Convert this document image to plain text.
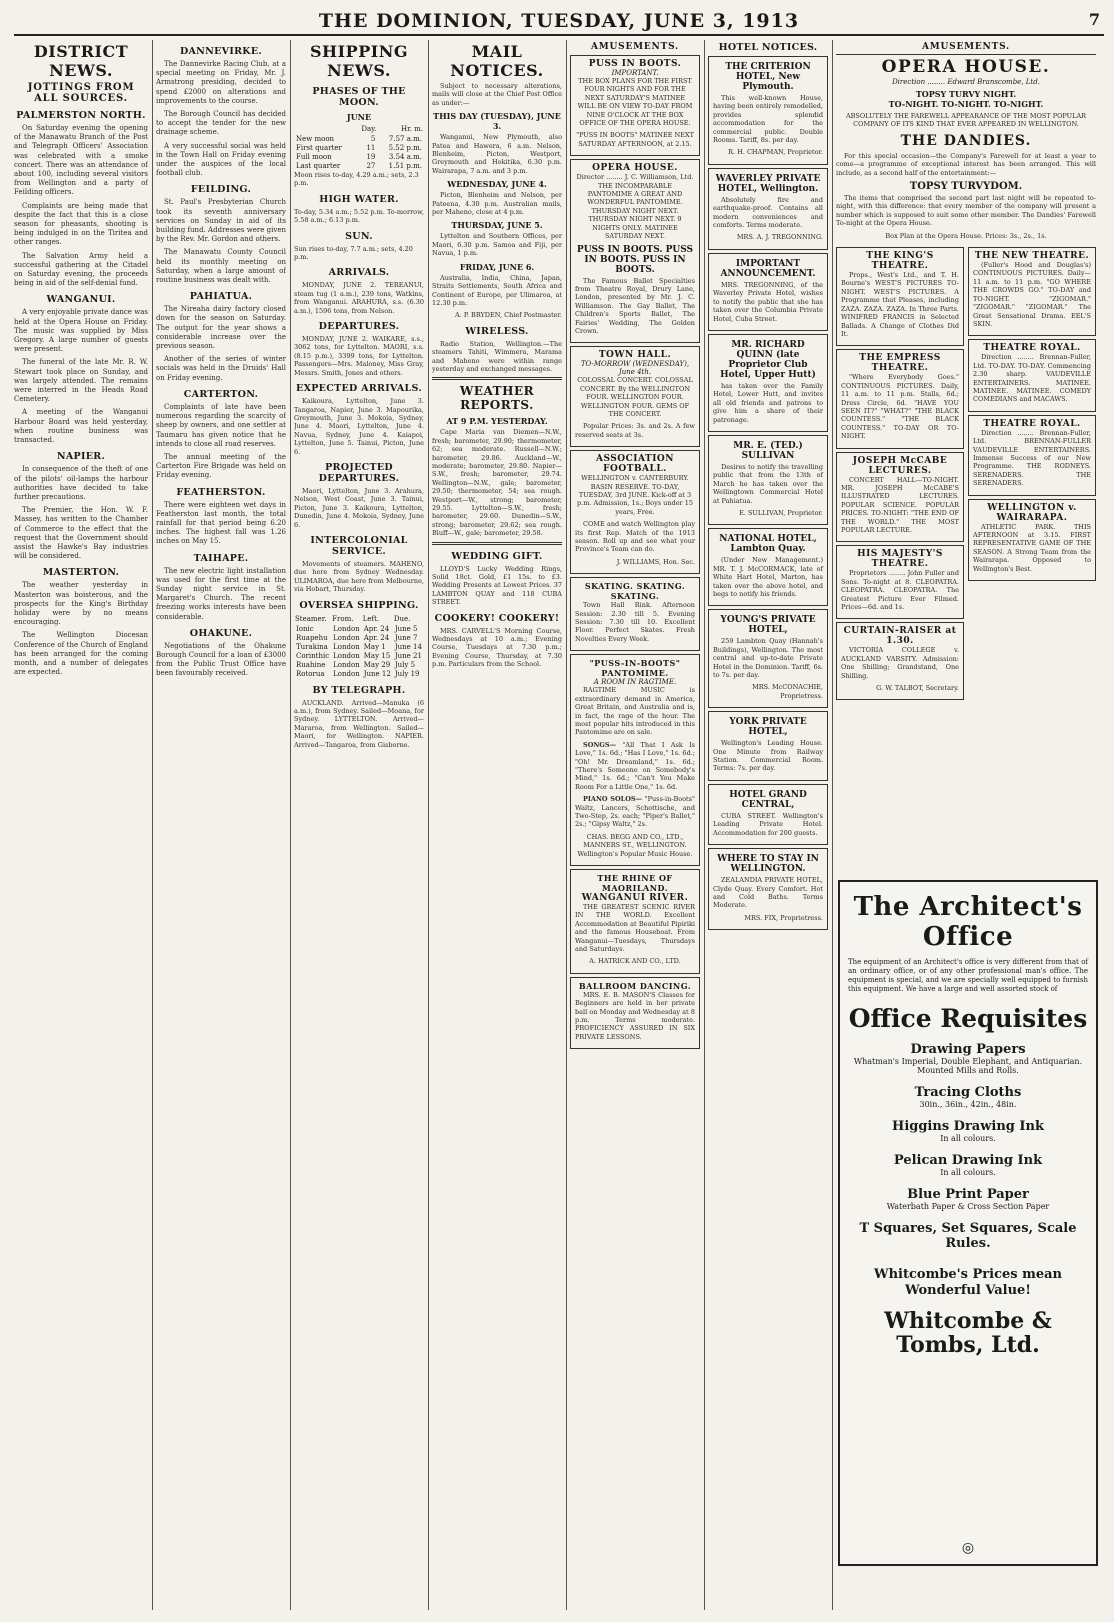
THE DOMINION, TUESDAY, JUNE 3, 1913	7
DISTRICT NEWS.
JOTTINGS FROM ALL SOURCES.
PALMERSTON NORTH.

On Saturday evening the opening of the Manawatu Branch of the Post and Telegraph Officers' Association was celebrated with a smoke concert. There was an attendance of about 100, including several visitors from Wellington and a party of Feilding officers.

Complaints are being made that despite the fact that this is a close season for pheasants, shooting is being indulged in on the Tiritea and other ranges.

The Salvation Army held a successful gathering at the Citadel on Saturday evening, the proceeds being in aid of the self-denial fund.

WANGANUI.

A very enjoyable private dance was held at the Opera House on Friday. The music was supplied by Miss Gregory. A large number of guests were present.

The funeral of the late Mr. R. W. Stewart took place on Sunday, and was largely attended. The remains were interred in the Heads Road Cemetery.

A meeting of the Wanganui Harbour Board was held yesterday, when routine business was transacted.

NAPIER.

In consequence of the theft of one of the pilots' oil-lamps the harbour authorities have decided to take further precautions.

The Premier, the Hon. W. F. Massey, has written to the Chamber of Commerce to the effect that the request that the Government should assist the Hawke's Bay industries will be considered.

MASTERTON.

The weather yesterday in Masterton was boisterous, and the prospects for the King's Birthday holiday were by no means encouraging.

The Wellington Diocesan Conference of the Church of England has been arranged for the coming month, and a number of delegates are expected.

DANNEVIRKE.

The Dannevirke Racing Club, at a special meeting on Friday, Mr. J. Armstrong presiding, decided to spend £2000 on alterations and improvements to the course.

The Borough Council has decided to accept the tender for the new drainage scheme.

A very successful social was held in the Town Hall on Friday evening under the auspices of the local football club.

FEILDING.

St. Paul's Presbyterian Church took its seventh anniversary services on Sunday in aid of its building fund. Addresses were given by the Rev. Mr. Gordon and others.

The Manawatu County Council held its monthly meeting on Saturday, when a large amount of routine business was dealt with.

PAHIATUA.

The Nireaha dairy factory closed down for the season on Saturday. The output for the year shows a considerable increase over the previous season.

Another of the series of winter socials was held in the Druids' Hall on Friday evening.

CARTERTON.

Complaints of late have been numerous regarding the scarcity of sheep by owners, and one settler at Taumaru has given notice that he intends to close all road reserves.

The annual meeting of the Carterton Fire Brigade was held on Friday evening.

FEATHERSTON.

There were eighteen wet days in Featherston last month, the total rainfall for that period being 6.20 inches. The highest fall was 1.26 inches on May 15.

TAIHAPE.

The new electric light installation was used for the first time at the Sunday night service in St. Margaret's Church. The recent freezing works interests have been considerable.

OHAKUNE.

Negotiations of the Ohakune Borough Council for a loan of £3000 from the Public Trust Office have been favourably received.

SHIPPING NEWS.
PHASES OF THE MOON.
JUNE
	Day.	Hr. m.
New moon	5	7.57 a.m.
First quarter	11	5.52 p.m.
Full moon	19	3.54 a.m.
Last quarter	27	1.51 p.m.

Moon rises to-day, 4.29 a.m.; sets, 2.3 p.m.

HIGH WATER.

To-day, 5.34 a.m.; 5.52 p.m. To-morrow, 5.58 a.m.; 6.13 p.m.

SUN.

Sun rises to-day, 7.7 a.m.; sets, 4.20 p.m.

ARRIVALS.

MONDAY, JUNE 2. TEREANUI, steam tug (1 a.m.), 239 tons, Watkins, from Wanganui. ARAHURA, s.s. (6.30 a.m.), 1596 tons, from Nelson.

DEPARTURES.

MONDAY, JUNE 2. WAIKARE, s.s., 3062 tons, for Lyttelton. MAORI, s.s. (8.15 p.m.), 3399 tons, for Lyttelton. Passengers—Mrs. Maloney, Miss Gray, Messrs. Smith, Jones and others.

EXPECTED ARRIVALS.

Kaikoura, Lyttelton, June 3. Tangaroa, Napier, June 3. Mapourika, Greymouth, June 3. Mokoia, Sydney, June 4. Maori, Lyttelton, June 4. Navua, Sydney, June 4. Kaiapoi, Lyttelton, June 5. Tainui, Picton, June 6.

PROJECTED DEPARTURES.

Maori, Lyttelton, June 3. Arahura, Nelson, West Coast, June 3. Tainui, Picton, June 3. Kaikoura, Lyttelton, Dunedin, June 4. Mokoia, Sydney, June 6.

INTERCOLONIAL SERVICE.

Movements of steamers. MAHENO, due here from Sydney Wednesday. ULIMAROA, due here from Melbourne, via Hobart, Thursday.

OVERSEA SHIPPING.
Steamer.	From.	Left.	Due.
Ionic	London	Apr. 24	June 5
Ruapehu	London	Apr. 24	June 7
Turakina	London	May 1	June 14
Corinthic	London	May 15	June 21
Ruahine	London	May 29	July 5
Rotorua	London	June 12	July 19
BY TELEGRAPH.

AUCKLAND. Arrived—Manuka (6 a.m.), from Sydney. Sailed—Moana, for Sydney. LYTTELTON. Arrived—Mararoa, from Wellington. Sailed—Maori, for Wellington. NAPIER. Arrived—Tangaroa, from Gisborne.

MAIL NOTICES.

Subject to necessary alterations, mails will close at the Chief Post Office as under:—

THIS DAY (TUESDAY), JUNE 3.

Wanganui, New Plymouth, also Patea and Hawera, 6 a.m. Nelson, Blenheim, Picton, Westport, Greymouth and Hokitika, 6.30 p.m. Wairarapa, 7 a.m. and 3 p.m.

WEDNESDAY, JUNE 4.

Picton, Blenheim and Nelson, per Pateena, 4.30 p.m. Australian mails, per Maheno, close at 4 p.m.

THURSDAY, JUNE 5.

Lyttelton and Southern Offices, per Maori, 6.30 p.m. Samoa and Fiji, per Navua, 1 p.m.

FRIDAY, JUNE 6.

Australia, India, China, Japan, Straits Settlements, South Africa and Continent of Europe, per Ulimaroa, at 12.30 p.m.

A. P. BRYDEN, Chief Postmaster.

WIRELESS.

Radio Station, Wellington.—The steamers Tahiti, Wimmera, Marama and Maheno were within range yesterday and exchanged messages.

WEATHER REPORTS.
AT 9 P.M. YESTERDAY.

Cape Maria van Diemen—N.W., fresh; barometer, 29.90; thermometer, 62; sea moderate. Russell—N.W.; barometer, 29.86. Auckland—W., moderate; barometer, 29.80. Napier—S.W., fresh; barometer, 29.74. Wellington—N.W., gale; barometer, 29.50; thermometer, 54; sea rough. Westport—W., strong; barometer, 29.55. Lyttelton—S.W., fresh; barometer, 29.60. Dunedin—S.W., strong; barometer, 29.62; sea rough. Bluff—W., gale; barometer, 29.58.

WEDDING GIFT.

LLOYD'S Lucky Wedding Rings, Solid 18ct. Gold, £1 15s. to £3. Wedding Presents at Lowest Prices. 37 LAMBTON QUAY and 118 CUBA STREET.

COOKERY! COOKERY!

MRS. CARVELL'S Morning Course, Wednesdays at 10 a.m.; Evening Course, Tuesdays at 7.30 p.m.; Evening Course, Thursday, at 7.30 p.m. Particulars from the School.

AMUSEMENTS.
PUSS IN BOOTS.
IMPORTANT.

THE BOX PLANS FOR THE FIRST FOUR NIGHTS AND FOR THE NEXT SATURDAY'S MATINEE WILL BE ON VIEW TO-DAY FROM NINE O'CLOCK AT THE BOX OFFICE OF THE OPERA HOUSE.

"PUSS IN BOOTS" MATINEE NEXT SATURDAY AFTERNOON, at 2.15.

OPERA HOUSE.

Director ........ J. C. Williamson, Ltd. THE INCOMPARABLE PANTOMIME A GREAT AND WONDERFUL PANTOMIME. THURSDAY NIGHT NEXT. THURSDAY NIGHT NEXT. 9 NIGHTS ONLY. MATINEE SATURDAY NEXT.

PUSS IN BOOTS. PUSS IN BOOTS. PUSS IN BOOTS.

The Famous Ballet Specialties from Theatre Royal, Drury Lane, London, presented by Mr. J. C. Williamson. The Gay Ballet, The Children's Sports Ballet, The Fairies' Wedding, The Golden Crown.

TOWN HALL.
TO-MORROW (WEDNESDAY), June 4th.

COLOSSAL CONCERT. COLOSSAL CONCERT. By the WELLINGTON FOUR. WELLINGTON FOUR. WELLINGTON FOUR. GEMS OF THE CONCERT.

Popular Prices: 3s. and 2s. A few reserved seats at 3s.

ASSOCIATION FOOTBALL.

WELLINGTON v. CANTERBURY. BASIN RESERVE. TO-DAY, TUESDAY, 3rd JUNE. Kick-off at 3 p.m. Admission, 1s.; Boys under 15 years, Free.

COME and watch Wellington play its first Rep. Match of the 1913 season. Roll up and see what your Province's Team can do.

J. WILLIAMS, Hon. Sec.

SKATING. SKATING. SKATING.

Town Hall Rink. Afternoon Session: 2.30 till 5. Evening Session: 7.30 till 10. Excellent Floor. Perfect Skates. Fresh Novelties Every Week.

"PUSS-IN-BOOTS" PANTOMIME.
A ROOM IN RAGTIME.

RAGTIME MUSIC is extraordinary demand in America, Great Britain, and Australia and is, in fact, the rage of the hour. The most popular hits introduced in this Pantomime are on sale.

SONGS— "All That I Ask Is Love," 1s. 6d.; "Has I Love," 1s. 6d.; "Oh! Mr. Dreamland," 1s. 6d.; "There's Someone on Somebody's Mind," 1s. 6d.; "Can't You Make Room For a Little One," 1s. 6d.

PIANO SOLOS— "Puss-in-Boots" Waltz, Lancers, Schottische, and Two-Step, 2s. each; "Piper's Ballet," 2s.; "Gipsy Waltz," 2s.

CHAS. BEGG AND CO., LTD., MANNERS ST., WELLINGTON. Wellington's Popular Music House.

THE RHINE OF MAORILAND.
WANGANUI RIVER.

THE GREATEST SCENIC RIVER IN THE WORLD. Excellent Accommodation at Beautiful Pipiriki and the famous Houseboat. From Wanganui—Tuesdays, Thursdays and Saturdays.

A. HATRICK AND CO., LTD.

BALLROOM DANCING.

MRS. E. B. MASON'S Classes for Beginners are held in her private ball on Monday and Wednesday at 8 p.m. Terms moderate. PROFICIENCY ASSURED IN SIX PRIVATE LESSONS.

HOTEL NOTICES.
THE CRITERION HOTEL, New Plymouth.

This well-known House, having been entirely remodelled, provides splendid accommodation for the commercial public. Double Rooms. Tariff, 8s. per day.

R. H. CHAPMAN, Proprietor.

WAVERLEY PRIVATE HOTEL, Wellington.

Absolutely fire and earthquake-proof. Contains all modern conveniences and comforts. Terms moderate.

MRS. A. J. TREGONNING.

IMPORTANT ANNOUNCEMENT.

MRS. TREGONNING, of the Waverley Private Hotel, wishes to notify the public that she has taken over the Columbia Private Hotel, Cuba Street.

MR. RICHARD QUINN (late Proprietor Club Hotel, Upper Hutt)

has taken over the Family Hotel, Lower Hutt, and invites all old friends and patrons to give him a share of their patronage.

MR. E. (TED.) SULLIVAN

Desires to notify the travelling public that from the 13th of March he has taken over the Wellingtown Commercial Hotel at Pahiatua.

E. SULLIVAN, Proprietor.

NATIONAL HOTEL, Lambton Quay.

(Under New Management.) MR. T. J. McCORMACK, late of White Hart Hotel, Marton, has taken over the above hotel, and begs to notify his friends.

YOUNG'S PRIVATE HOTEL,

259 Lambton Quay (Hannah's Buildings), Wellington. The most central and up-to-date Private Hotel in the Dominion. Tariff, 6s. to 7s. per day.

MRS. McCONACHIE, Proprietress.

YORK PRIVATE HOTEL,

Wellington's Leading House. One Minute from Railway Station. Commercial Room. Terms: 7s. per day.

HOTEL GRAND CENTRAL,

CUBA STREET. Wellington's Leading Private Hotel. Accommodation for 200 guests.

WHERE TO STAY IN WELLINGTON.

ZEALANDIA PRIVATE HOTEL, Clyde Quay. Every Comfort. Hot and Cold Baths. Terms Moderate.

MRS. FIX, Proprietress.

AMUSEMENTS.
OPERA HOUSE.
Direction ........ Edward Branscombe, Ltd.
TOPSY TURVY NIGHT.
TO-NIGHT. TO-NIGHT. TO-NIGHT.

ABSOLUTELY THE FAREWELL APPEARANCE OF THE MOST POPULAR COMPANY OF ITS KIND THAT EVER APPEARED IN WELLINGTON.

THE DANDIES.

For this special occasion—the Company's Farewell for at least a year to come—a programme of exceptional interest has been arranged. This will include, as a second half of the entertainment:—

TOPSY TURVYDOM.

The items that comprised the second part last night will be repeated to-night, with this difference: that every member of the company will present a number which is supposed to suit some other member. The Dandies' Farewell To-night at the Opera House.

Box Plan at the Opera House. Prices: 3s., 2s., 1s.

THE KING'S THEATRE.

Props., West's Ltd., and T. H. Bourne's WEST'S PICTURES TO-NIGHT. WEST'S PICTURES. A Programme that Pleases, including ZAZA. ZAZA. ZAZA. In Three Parts. WINIFRED FRANCIS in Selected Ballads. A Change of Clothes Did It.

THE EMPRESS THEATRE.

"Where Everybody Goes." CONTINUOUS PICTURES. Daily, 11 a.m. to 11 p.m. Stalls, 6d.; Dress Circle, 6d. "HAVE YOU SEEN IT?" "WHAT?" "THE BLACK COUNTESS." "THE BLACK COUNTESS." TO-DAY OR TO-NIGHT.

JOSEPH McCABE LECTURES.

CONCERT HALL—TO-NIGHT. MR. JOSEPH McCABE'S ILLUSTRATED LECTURES. POPULAR SCIENCE. POPULAR PRICES. TO-NIGHT: "THE END OF THE WORLD." THE MOST POPULAR LECTURE.

HIS MAJESTY'S THEATRE.

Proprietors ........ John Fuller and Sons. To-night at 8. CLEOPATRA. CLEOPATRA. CLEOPATRA. The Greatest Picture Ever Filmed. Prices—6d. and 1s.

CURTAIN-RAISER at 1.30.

VICTORIA COLLEGE v. AUCKLAND VARSITY. Admission: One Shilling; Grandstand, One Shilling.

G. W. TALBOT, Secretary.

THE NEW THEATRE.

(Fuller's Hood and Douglas's) CONTINUOUS PICTURES. Daily—11 a.m. to 11 p.m. "GO WHERE THE CROWDS GO." TO-DAY and TO-NIGHT. "ZIGOMAR." "ZIGOMAR." "ZIGOMAR." The Great Sensational Drama. EEL'S SKIN.

THEATRE ROYAL.

Direction ........ Brennan-Fuller, Ltd. TO-DAY. TO-DAY. Commencing 2.30 sharp. VAUDEVILLE ENTERTAINERS. MATINEE. MATINEE. MATINEE. COMEDY COMEDIANS and MACAWS.

THEATRE ROYAL.

Direction ........ Brennan-Fuller, Ltd. BRENNAN-FULLER VAUDEVILLE ENTERTAINERS. Immense Success of our New Programme. THE RODNEYS. SERENADERS. THE SERENADERS.

WELLINGTON v. WAIRARAPA.

ATHLETIC PARK. THIS AFTERNOON at 3.15. FIRST REPRESENTATIVE GAME OF THE SEASON. A Strong Team from the Wairarapa. Opposed to Wellington's Best.

The Architect's Office
The equipment of an Architect's office is very different from that of an ordinary office, or of any other professional man's office. The equipment is special, and we are specially well equipped to furnish this equipment. We have a large and well assorted stock of
Office Requisites
Drawing Papers
Whatman's Imperial, Double Elephant, and Antiquarian. Mounted Mills and Rolls.
Tracing Cloths
30in., 36in., 42in., 48in.
Higgins Drawing Ink
In all colours.
Pelican Drawing Ink
In all colours.
Blue Print Paper
Waterbath Paper & Cross Section Paper
T Squares, Set Squares, Scale Rules.
Whitcombe's Prices mean Wonderful Value!
Whitcombe & Tombs, Ltd.
◎
